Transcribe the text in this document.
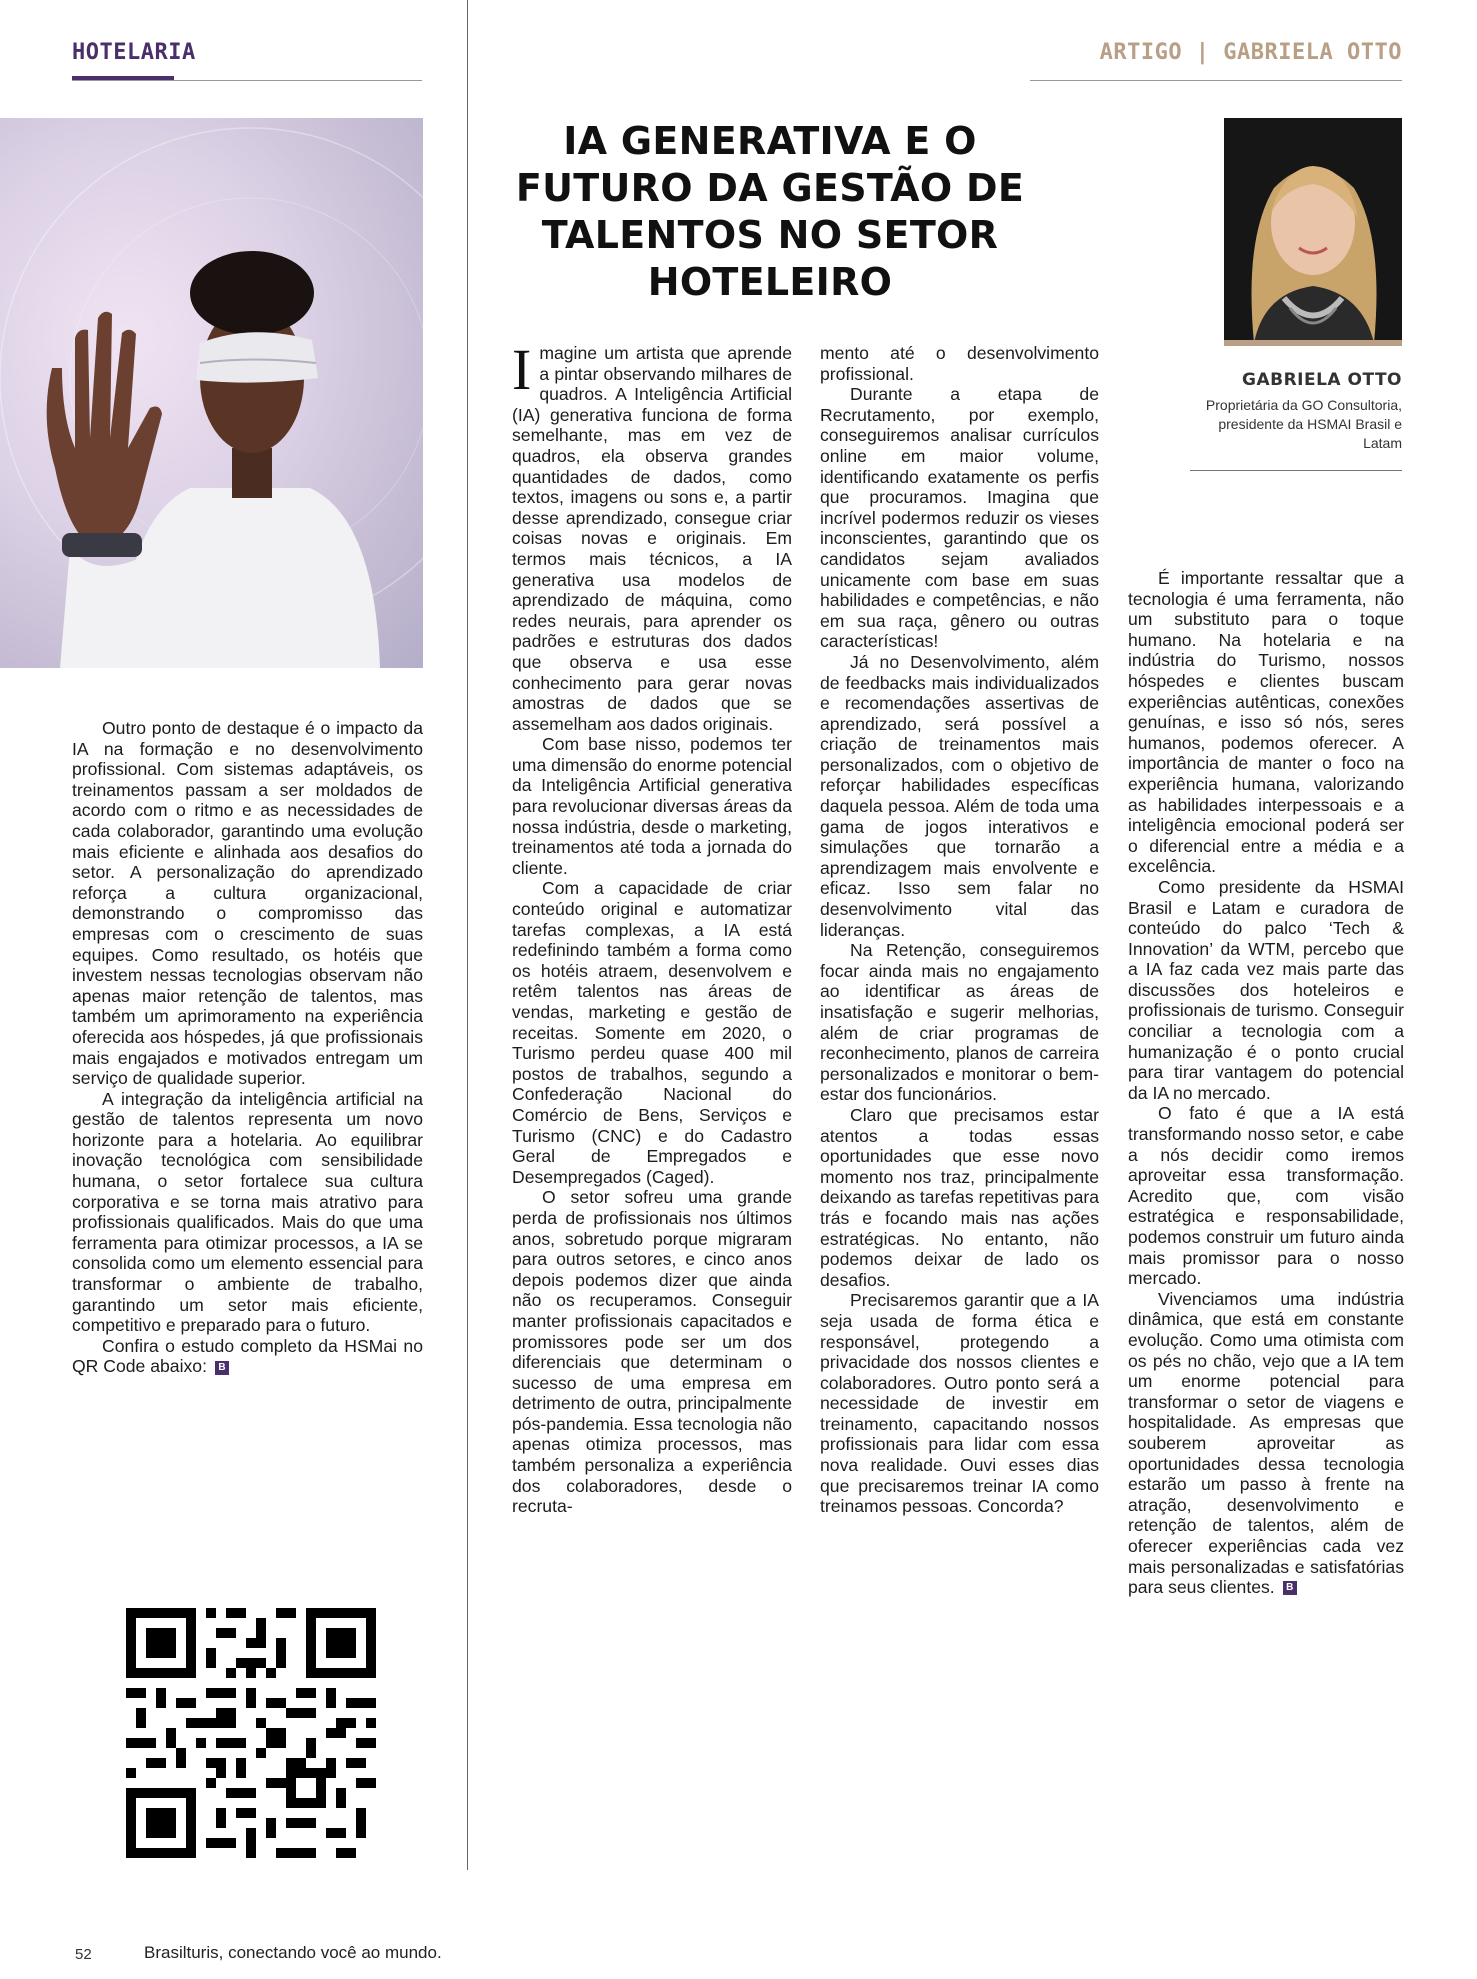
HOTELARIA	ARTIGO | GABRIELA OTTO
IA GENERATIVA E O FUTURO DA GESTÃO DE TALENTOS NO SETOR HOTELEIRO
GABRIELA OTTO
Proprietária da GO Consultoria, presidente da HSMAI Brasil e Latam

Outro ponto de destaque é o impacto da IA na formação e no desenvolvimento profissional. Com sistemas adaptáveis, os treinamentos passam a ser moldados de acordo com o ritmo e as necessidades de cada colaborador, garantindo uma evolução mais eficiente e alinhada aos desafios do setor. A personalização do aprendizado reforça a cultura organizacional, demonstrando o compromisso das empresas com o crescimento de suas equipes. Como resultado, os hotéis que investem nessas tecnologias observam não apenas maior retenção de talentos, mas também um aprimoramento na experiência oferecida aos hóspedes, já que profissionais mais engajados e motivados entregam um serviço de qualidade superior.

A integração da inteligência artificial na gestão de talentos representa um novo horizonte para a hotelaria. Ao equilibrar inovação tecnológica com sensibilidade humana, o setor fortalece sua cultura corporativa e se torna mais atrativo para profissionais qualificados. Mais do que uma ferramenta para otimizar processos, a IA se consolida como um elemento essencial para transformar o ambiente de trabalho, garantindo um setor mais eficiente, competitivo e preparado para o futuro.

Confira o estudo completo da HSMai no QR Code abaixo: B

Imagine um artista que aprende a pintar observando milhares de quadros. A Inteligência Artificial (IA) generativa funciona de forma semelhante, mas em vez de quadros, ela observa grandes quantidades de dados, como textos, imagens ou sons e, a partir desse aprendizado, consegue criar coisas novas e originais. Em termos mais técnicos, a IA generativa usa modelos de aprendizado de máquina, como redes neurais, para aprender os padrões e estruturas dos dados que observa e usa esse conhecimento para gerar novas amostras de dados que se assemelham aos dados originais.

Com base nisso, podemos ter uma dimensão do enorme potencial da Inteligência Artificial generativa para revolucionar diversas áreas da nossa indústria, desde o marketing, treinamentos até toda a jornada do cliente.

Com a capacidade de criar conteúdo original e automatizar tarefas complexas, a IA está redefinindo também a forma como os hotéis atraem, desenvolvem e retêm talentos nas áreas de vendas, marketing e gestão de receitas. Somente em 2020, o Turismo perdeu quase 400 mil postos de trabalhos, segundo a Confederação Nacional do Comércio de Bens, Serviços e Turismo (CNC) e do Cadastro Geral de Empregados e Desempregados (Caged).

O setor sofreu uma grande perda de profissionais nos últimos anos, sobretudo porque migraram para outros setores, e cinco anos depois podemos dizer que ainda não os recuperamos. Conseguir manter profissionais capacitados e promissores pode ser um dos diferenciais que determinam o sucesso de uma empresa em detrimento de outra, principalmente pós-pandemia. Essa tecnologia não apenas otimiza processos, mas também personaliza a experiência dos colaboradores, desde o recruta-

mento até o desenvolvimento profissional.

Durante a etapa de Recrutamento, por exemplo, conseguiremos analisar currículos online em maior volume, identificando exatamente os perfis que procuramos. Imagina que incrível podermos reduzir os vieses inconscientes, garantindo que os candidatos sejam avaliados unicamente com base em suas habilidades e competências, e não em sua raça, gênero ou outras características!

Já no Desenvolvimento, além de feedbacks mais individualizados e recomendações assertivas de aprendizado, será possível a criação de treinamentos mais personalizados, com o objetivo de reforçar habilidades específicas daquela pessoa. Além de toda uma gama de jogos interativos e simulações que tornarão a aprendizagem mais envolvente e eficaz. Isso sem falar no desenvolvimento vital das lideranças.

Na Retenção, conseguiremos focar ainda mais no engajamento ao identificar as áreas de insatisfação e sugerir melhorias, além de criar programas de reconhecimento, planos de carreira personalizados e monitorar o bem-estar dos funcionários.

Claro que precisamos estar atentos a todas essas oportunidades que esse novo momento nos traz, principalmente deixando as tarefas repetitivas para trás e focando mais nas ações estratégicas. No entanto, não podemos deixar de lado os desafios.

Precisaremos garantir que a IA seja usada de forma ética e responsável, protegendo a privacidade dos nossos clientes e colaboradores. Outro ponto será a necessidade de investir em treinamento, capacitando nossos profissionais para lidar com essa nova realidade. Ouvi esses dias que precisaremos treinar IA como treinamos pessoas. Concorda?

É importante ressaltar que a tecnologia é uma ferramenta, não um substituto para o toque humano. Na hotelaria e na indústria do Turismo, nossos hóspedes e clientes buscam experiências autênticas, conexões genuínas, e isso só nós, seres humanos, podemos oferecer. A importância de manter o foco na experiência humana, valorizando as habilidades interpessoais e a inteligência emocional poderá ser o diferencial entre a média e a excelência.

Como presidente da HSMAI Brasil e Latam e curadora de conteúdo do palco ‘Tech & Innovation’ da WTM, percebo que a IA faz cada vez mais parte das discussões dos hoteleiros e profissionais de turismo. Conseguir conciliar a tecnologia com a humanização é o ponto crucial para tirar vantagem do potencial da IA no mercado.

O fato é que a IA está transformando nosso setor, e cabe a nós decidir como iremos aproveitar essa transformação. Acredito que, com visão estratégica e responsabilidade, podemos construir um futuro ainda mais promissor para o nosso mercado.

Vivenciamos uma indústria dinâmica, que está em constante evolução. Como uma otimista com os pés no chão, vejo que a IA tem um enorme potencial para transformar o setor de viagens e hospitalidade. As empresas que souberem aproveitar as oportunidades dessa tecnologia estarão um passo à frente na atração, desenvolvimento e retenção de talentos, além de oferecer experiências cada vez mais personalizadas e satisfatórias para seus clientes. B

52	Brasilturis, conectando você ao mundo.
